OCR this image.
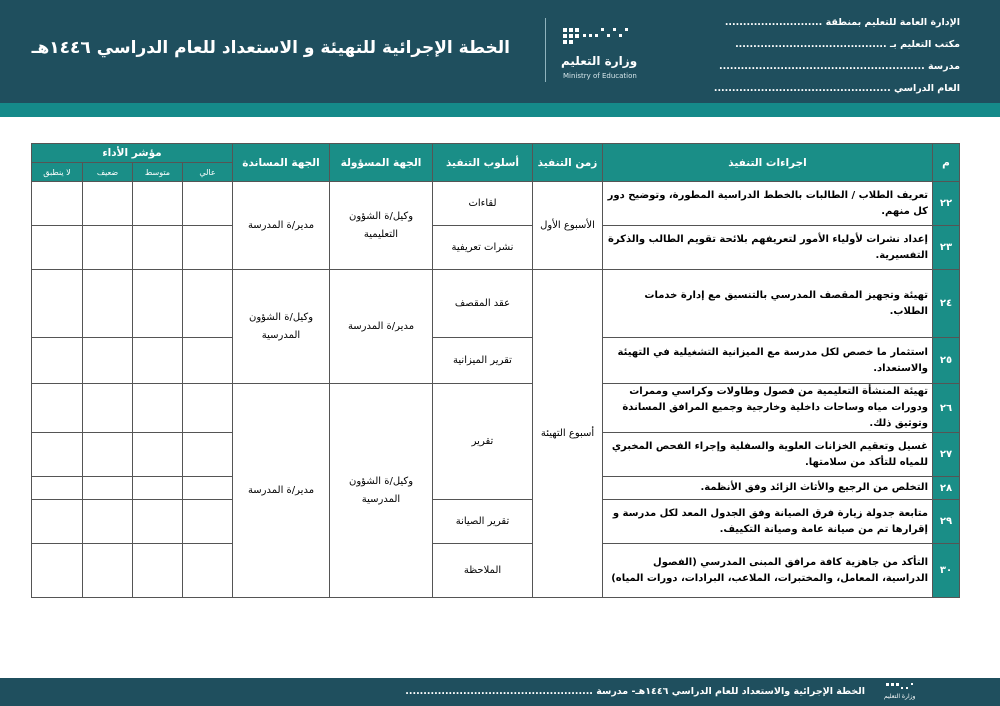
الإدارة العامة للتعليم بمنطقة ...........................
مكتب التعليم بـ ..........................................
مدرسة .........................................................
العام الدراسي .................................................
وزارة التعليم
Ministry of Education
الخطة الإجرائية للتهيئة و الاستعداد للعام الدراسي ١٤٤٦هـ
م	اجراءات التنفيذ	زمن التنفيذ	أسلوب التنفيذ	الجهة المسؤولة	الجهة المساندة	مؤشر الأداء			
						عالي	متوسط	ضعيف	لا ينطبق
٢٢	تعريف الطلاب / الطالبات بالخطط الدراسية المطورة، وتوضيح دور كل منهم.	الأسبوع الأول	لقاءات	وكيل/ة الشؤون التعليمية	مدير/ة المدرسة				
٢٣	إعداد نشرات لأولياء الأمور لتعريفهم بلائحة تقويم الطالب والذكرة التفسيرية.		نشرات تعريفية						
٢٤	تهيئة وتجهيز المقصف المدرسي بالتنسيق مع إدارة خدمات الطلاب.	أسبوع التهيئة	عقد المقصف	مدير/ة المدرسة	وكيل/ة الشؤون المدرسية				
٢٥	استثمار ما خصص لكل مدرسة مع الميزانية التشغيلية في التهيئة والاستعداد.		تقرير الميزانية						
٢٦	تهيئة المنشأة التعليمية من فصول وطاولات وكراسي وممرات ودورات مياه وساحات داخلية وخارجية وجميع المرافق المساندة وتوثيق ذلك.		تقرير	وكيل/ة الشؤون المدرسية	مدير/ة المدرسة				
٢٧	غسيل وتعقيم الخزانات العلوية والسفلية وإجراء الفحص المخبري للمياه للتأكد من سلامتها.								
٢٨	التخلص من الرجيع والأثاث الزائد وفق الأنظمة.								
٢٩	متابعة جدولة زيارة فرق الصيانة وفق الجدول المعد لكل مدرسة و إقرارها تم من صيانة عامة وصيانة التكييف.		تقرير الصيانة						
٣٠	التأكد من جاهزية كافة مرافق المبنى المدرسي (الفصول الدراسية، المعامل، والمختبرات، الملاعب، البرادات، دورات المياه)		الملاحظة						
الخطة الإجرائية والاستعداد للعام الدراسي ١٤٤٦هـ- مدرسة ....................................................	وزارة التعليم
